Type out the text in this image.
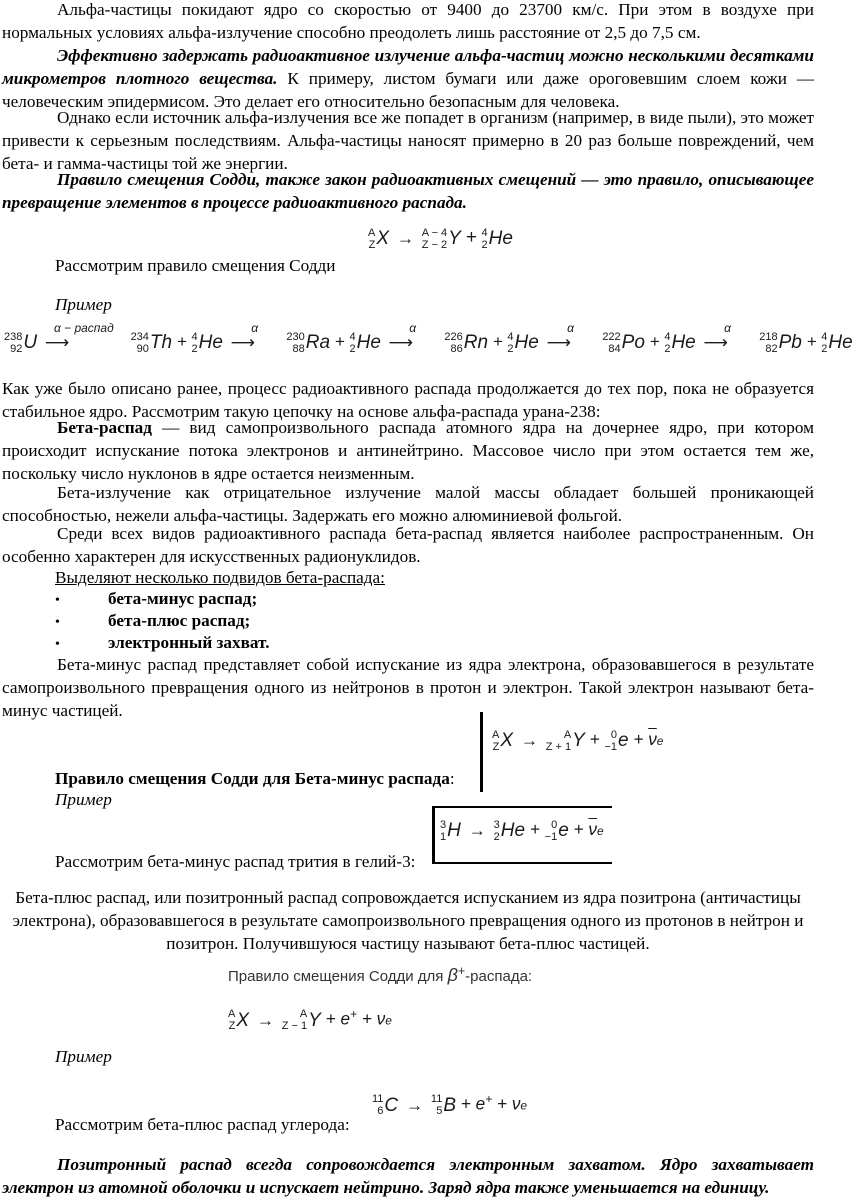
Альфа-частицы покидают ядро со скоростью от 9400 до 23700 км/с. При этом в воздухе при нормальных условиях альфа-излучение способно преодолеть лишь расстояние от 2,5 до 7,5 см.

Эффективно задержать радиоактивное излучение альфа-частиц можно несколькими десятками микрометров плотного вещества. К примеру, листом бумаги или даже ороговевшим слоем кожи — человеческим эпидермисом. Это делает его относительно безопасным для человека.

Однако если источник альфа-излучения все же попадет в организм (например, в виде пыли), это может привести к серьезным последствиям. Альфа-частицы наносят примерно в 20 раз больше повреждений, чем бета- и гамма-частицы той же энергии.

Правило смещения Содди, также закон радиоактивных смещений — это правило, описывающее превращение элементов в процессе радиоактивного распада.

Рассмотрим правило смещения Содди

A
Z X → A − 4
Z − 2 Y + 4
2 He

Пример

238
92 U
α − распад
⟶	234
90 Th + 4
2 He
α
⟶	230
88 Ra + 4
2 He
α
⟶	226
86 Rn + 4
2 He
α
⟶	222
84 Po + 4
2 He
α
⟶	218
82 Pb + 4
2 He

Как уже было описано ранее, процесс радиоактивного распада продолжается до тех пор, пока не образуется стабильное ядро. Рассмотрим такую цепочку на основе альфа-распада урана-238:

Бета-распад — вид самопроизвольного распада атомного ядра на дочернее ядро, при котором происходит испускание потока электронов и антинейтрино. Массовое число при этом остается тем же, поскольку число нуклонов в ядре остается неизменным.

Бета-излучение как отрицательное излучение малой массы обладает большей проникающей способностью, нежели альфа-частицы. Задержать его можно алюминиевой фольгой.

Среди всех видов радиоактивного распада бета-распад является наиболее распространенным. Он особенно характерен для искусственных радионуклидов.

Выделяют несколько подвидов бета-распада:

•	бета-минус распад;
•	бета-плюс распад;
•	электронный захват.

Бета-минус распад представляет собой испускание из ядра электрона, образовавшегося в результате самопроизвольного превращения одного из нейтронов в протон и электрон. Такой электрон называют бета-минус частицей.

A
Z X → A
Z + 1 Y + 0
−1 $e + \overline{\nu}e$

Правило смещения Содди для Бета-минус распада:

Пример

3
1 H → 3
2 He + 0
−1 $e + \overline{\nu}e$

Рассмотрим бета-минус распад трития в гелий-3:

Бета-плюс распад, или позитронный распад сопровождается испусканием из ядра позитрона (античастицы электрона), образовавшегося в результате самопроизвольного превращения одного из протонов в нейтрон и позитрон. Получившуюся частицу называют бета-плюс частицей.

Правило смещения Содди для β+-распада:
A
Z X → A
Z − 1 Y + e+ + νe

Пример

11
6 C → 11
5 B + e+ + νe

Рассмотрим бета-плюс распад углерода:

Позитронный распад всегда сопровождается электронным захватом. Ядро захватывает электрон из атомной оболочки и испускает нейтрино. Заряд ядра также уменьшается на единицу.
